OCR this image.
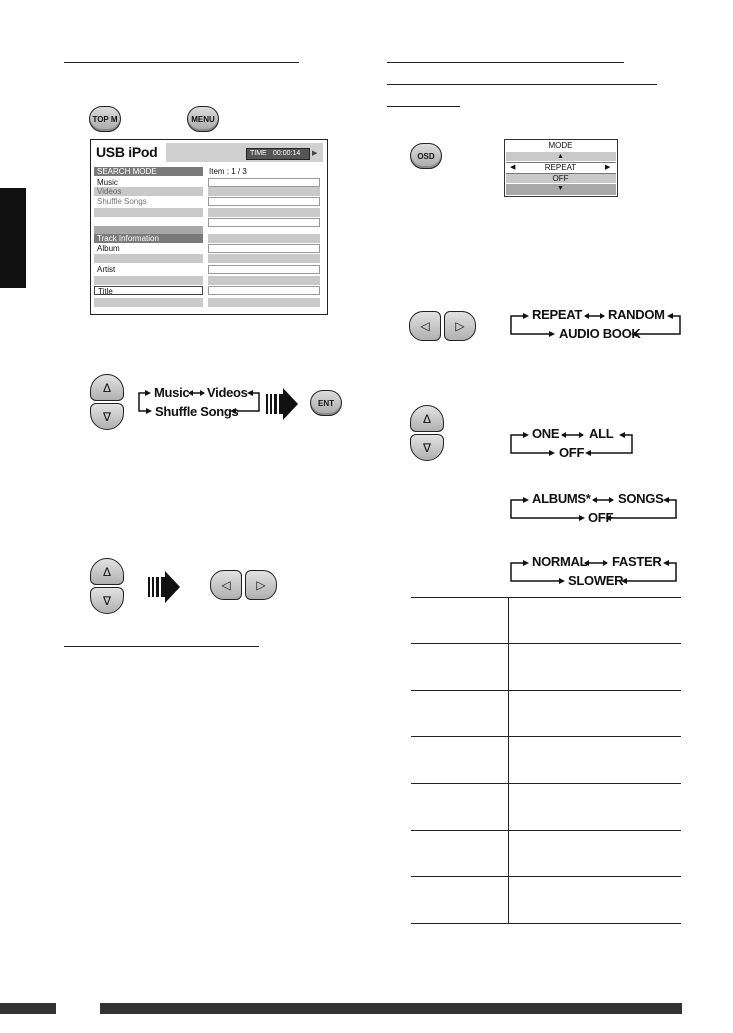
TOP M	MENU
USB iPod	TIME 00:00:14 ▶
SEARCH MODE
Music
Videos
Shuffle Songs
Track Information
Album
Artist
Title
Item : 1 / 3
Δ
∇
Music Videos
Shuffle Songs
ENT
Δ
∇
◁	▷
OSD
MODE
▲
◀	REPEAT	▶
OFF
▼
◁	▷
REPEAT RANDOM
AUDIO BOOK
Δ
∇
ONE ALL
OFF
ALBUMS* SONGS
OFF
NORMAL FASTER
SLOWER
